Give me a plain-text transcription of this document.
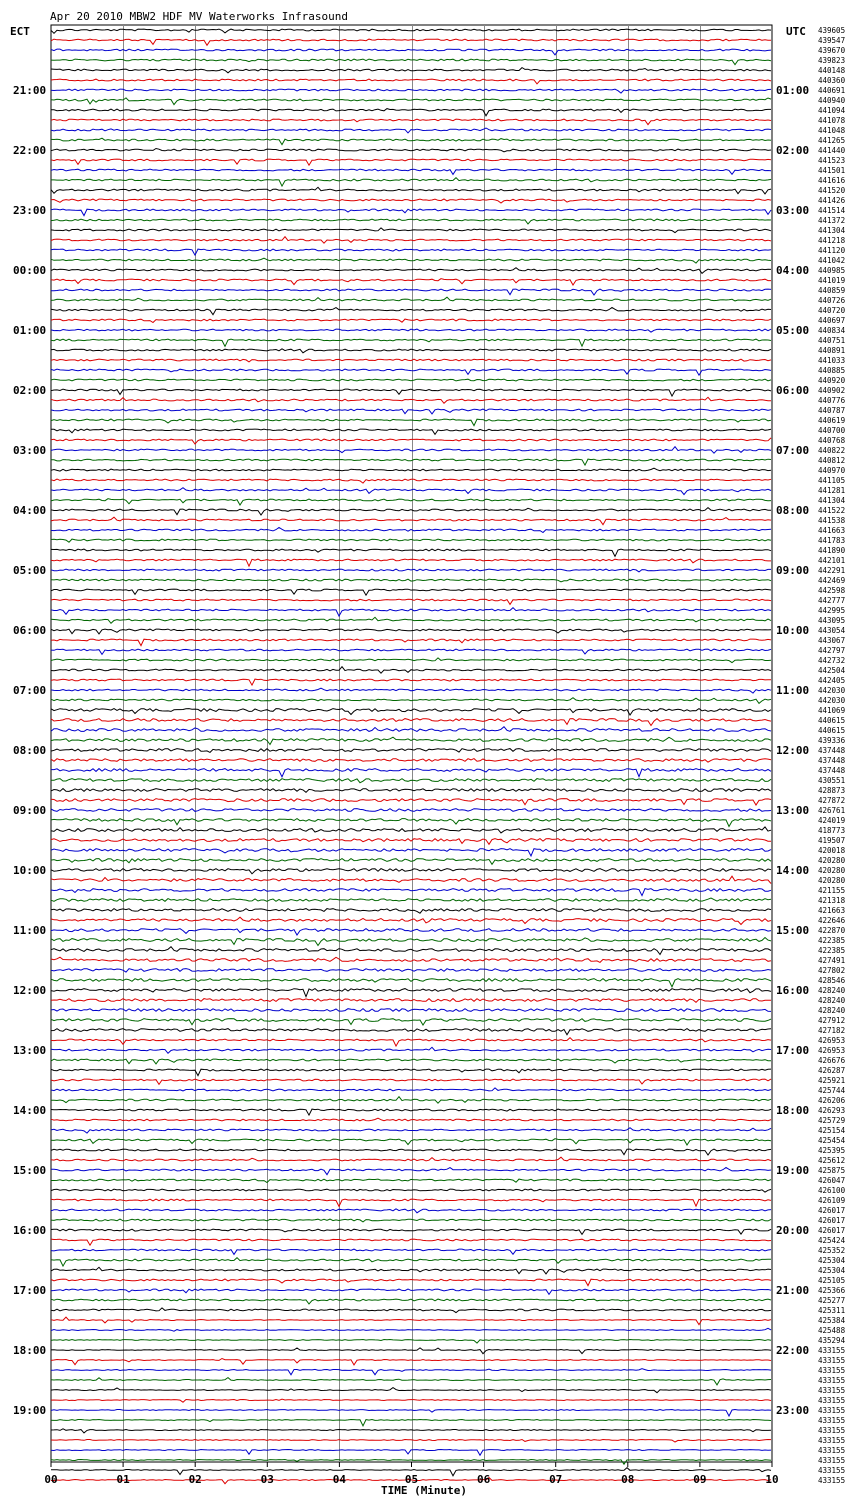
Apr 20 2010 MBW2 HDF MV Waterworks Infrasound
ECT	UTC
21:00
22:00
23:00
00:00
01:00
02:00
03:00
04:00
05:00
06:00
07:00
08:00
09:00
10:00
11:00
12:00
13:00
14:00
15:00
16:00
17:00
18:00
19:00
01:00
02:00
03:00
04:00
05:00
06:00
07:00
08:00
09:00
10:00
11:00
12:00
13:00
14:00
15:00
16:00
17:00
18:00
19:00
20:00
21:00
22:00
23:00
439605
439547
439670
439823
440148
440360
440691
440940
441094
441078
441048
441265
441440
441523
441501
441616
441520
441426
441514
441372
441304
441218
441120
441042
440985
441019
440859
440726
440720
440697
440834
440751
440891
441033
440885
440920
440902
440776
440787
440619
440700
440768
440822
440812
440970
441105
441281
441304
441522
441538
441663
441783
441890
442101
442291
442469
442598
442777
442995
443095
443054
443067
442797
442732
442504
442405
442030
442030
441069
440615
440615
439336
437448
437448
437448
430551
428873
427872
426761
424019
418773
419507
420018
420280
420280
420280
421155
421318
421663
422646
422870
422385
422385
427491
427802
428546
428240
428240
428240
427912
427182
426953
426953
426676
426287
425921
425744
426206
426293
425729
425154
425454
425395
425612
425875
426047
426100
426109
426017
426017
426017
425424
425352
425304
425304
425105
425366
425277
425311
425384
425488
435294
433155
433155
433155
433155
433155
433155
433155
433155
433155
433155
433155
433155
433155
433155
00	01	02	03	04	05	06	07	08	09	10
TIME (Minute)
